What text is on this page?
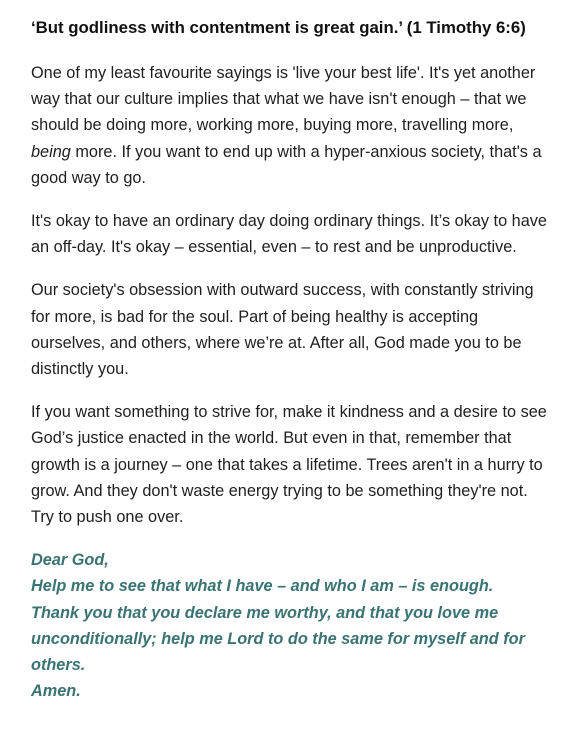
‘But godliness with contentment is great gain.’ (1 Timothy 6:6)

One of my least favourite sayings is 'live your best life'. It's yet another way that our culture implies that what we have isn't enough – that we should be doing more, working more, buying more, travelling more, being more. If you want to end up with a hyper-anxious society, that's a good way to go.

It's okay to have an ordinary day doing ordinary things. It’s okay to have an off-day. It's okay – essential, even – to rest and be unproductive.

Our society's obsession with outward success, with constantly striving for more, is bad for the soul. Part of being healthy is accepting ourselves, and others, where we’re at. After all, God made you to be distinctly you.

If you want something to strive for, make it kindness and a desire to see God’s justice enacted in the world. But even in that, remember that growth is a journey – one that takes a lifetime. Trees aren't in a hurry to grow. And they don't waste energy trying to be something they're not. Try to push one over.

Dear God,
Help me to see that what I have – and who I am – is enough.
Thank you that you declare me worthy, and that you love me unconditionally; help me Lord to do the same for myself and for others.
Amen.
